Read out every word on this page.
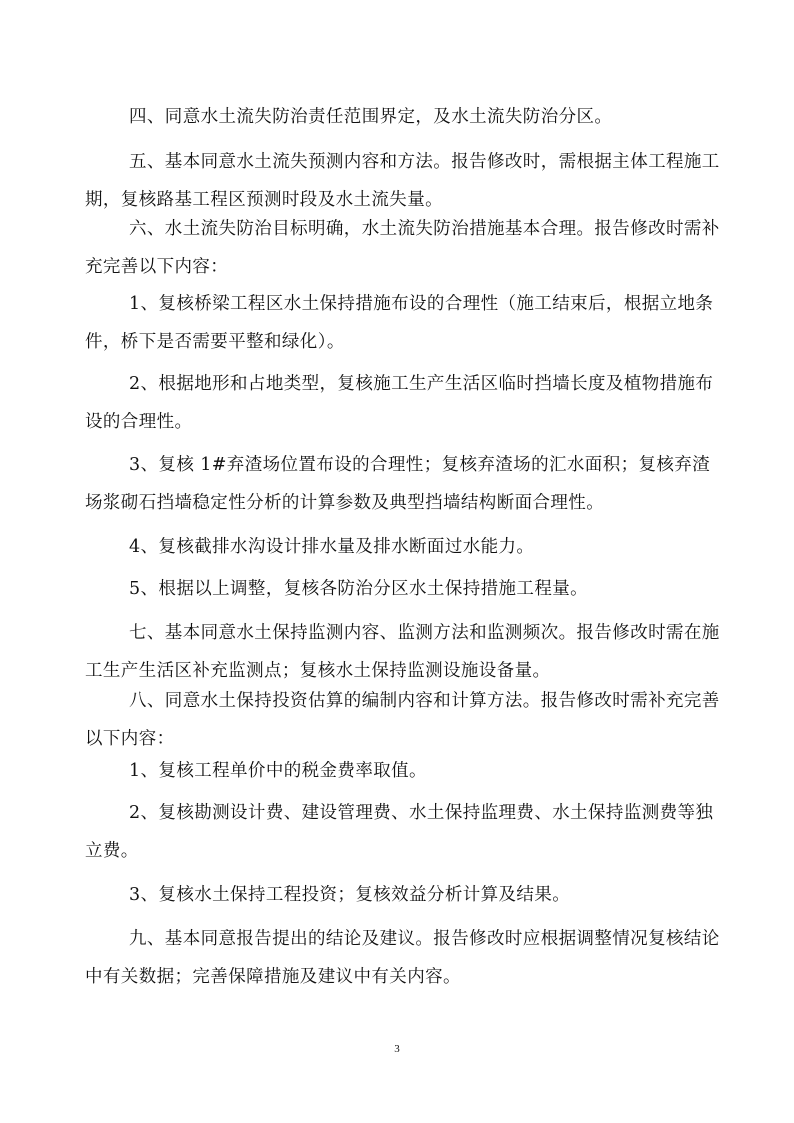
四、同意水土流失防治责任范围界定，及水土流失防治分区。

五、基本同意水土流失预测内容和方法。报告修改时，需根据主体工程施工期，复核路基工程区预测时段及水土流失量。

六、水土流失防治目标明确，水土流失防治措施基本合理。报告修改时需补充完善以下内容：

1、复核桥梁工程区水土保持措施布设的合理性（施工结束后，根据立地条件，桥下是否需要平整和绿化）。

2、根据地形和占地类型，复核施工生产生活区临时挡墙长度及植物措施布设的合理性。

3、复核 1#弃渣场位置布设的合理性；复核弃渣场的汇水面积；复核弃渣场浆砌石挡墙稳定性分析的计算参数及典型挡墙结构断面合理性。

4、复核截排水沟设计排水量及排水断面过水能力。

5、根据以上调整，复核各防治分区水土保持措施工程量。

七、基本同意水土保持监测内容、监测方法和监测频次。报告修改时需在施工生产生活区补充监测点；复核水土保持监测设施设备量。

八、同意水土保持投资估算的编制内容和计算方法。报告修改时需补充完善以下内容：

1、复核工程单价中的税金费率取值。

2、复核勘测设计费、建设管理费、水土保持监理费、水土保持监测费等独立费。

3、复核水土保持工程投资；复核效益分析计算及结果。

九、基本同意报告提出的结论及建议。报告修改时应根据调整情况复核结论中有关数据；完善保障措施及建议中有关内容。

3
